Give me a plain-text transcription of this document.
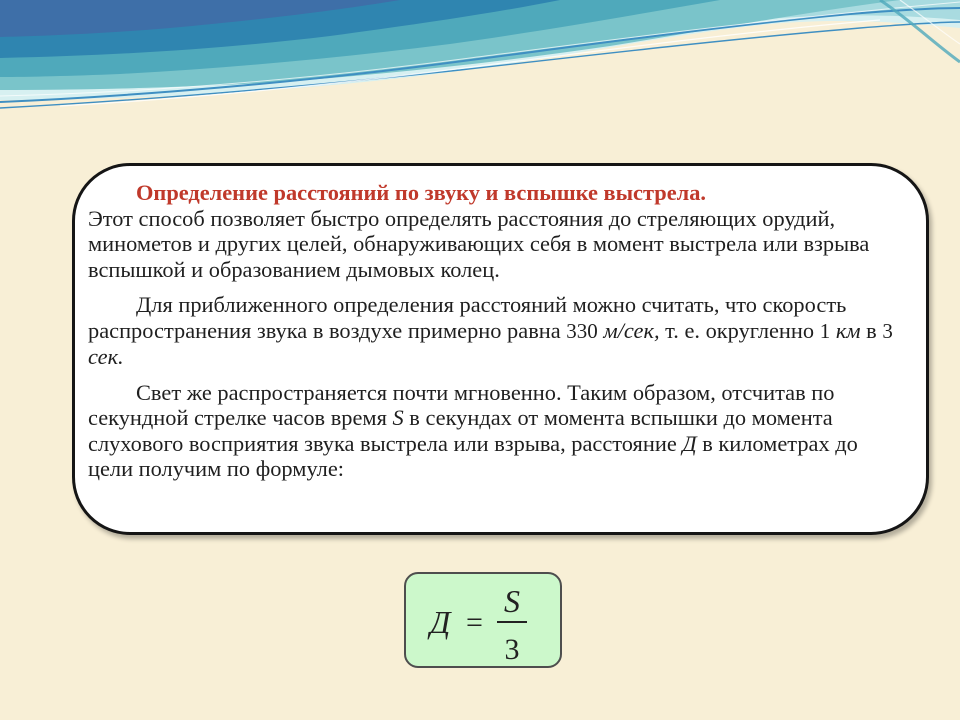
Определение расстояний по звуку и вспышке выстрела.

Этот способ позволяет быстро определять расстояния до стреляющих орудий, минометов и других целей, обнаруживающих себя в момент выстрела или взрыва вспышкой и образованием дымовых колец.

Для приближенного определения расстояний можно считать, что скорость распространения звука в воздухе примерно равна 330 м/сек, т. е. округленно 1 км в 3 сек.

Свет же распространяется почти мгновенно. Таким образом, отсчитав по секундной стрелке часов время S в секундах от момента вспышки до момента слухового восприятия звука выстрела или взрыва, расстояние Д в километрах до цели получим по формуле:

Д =
S
3
